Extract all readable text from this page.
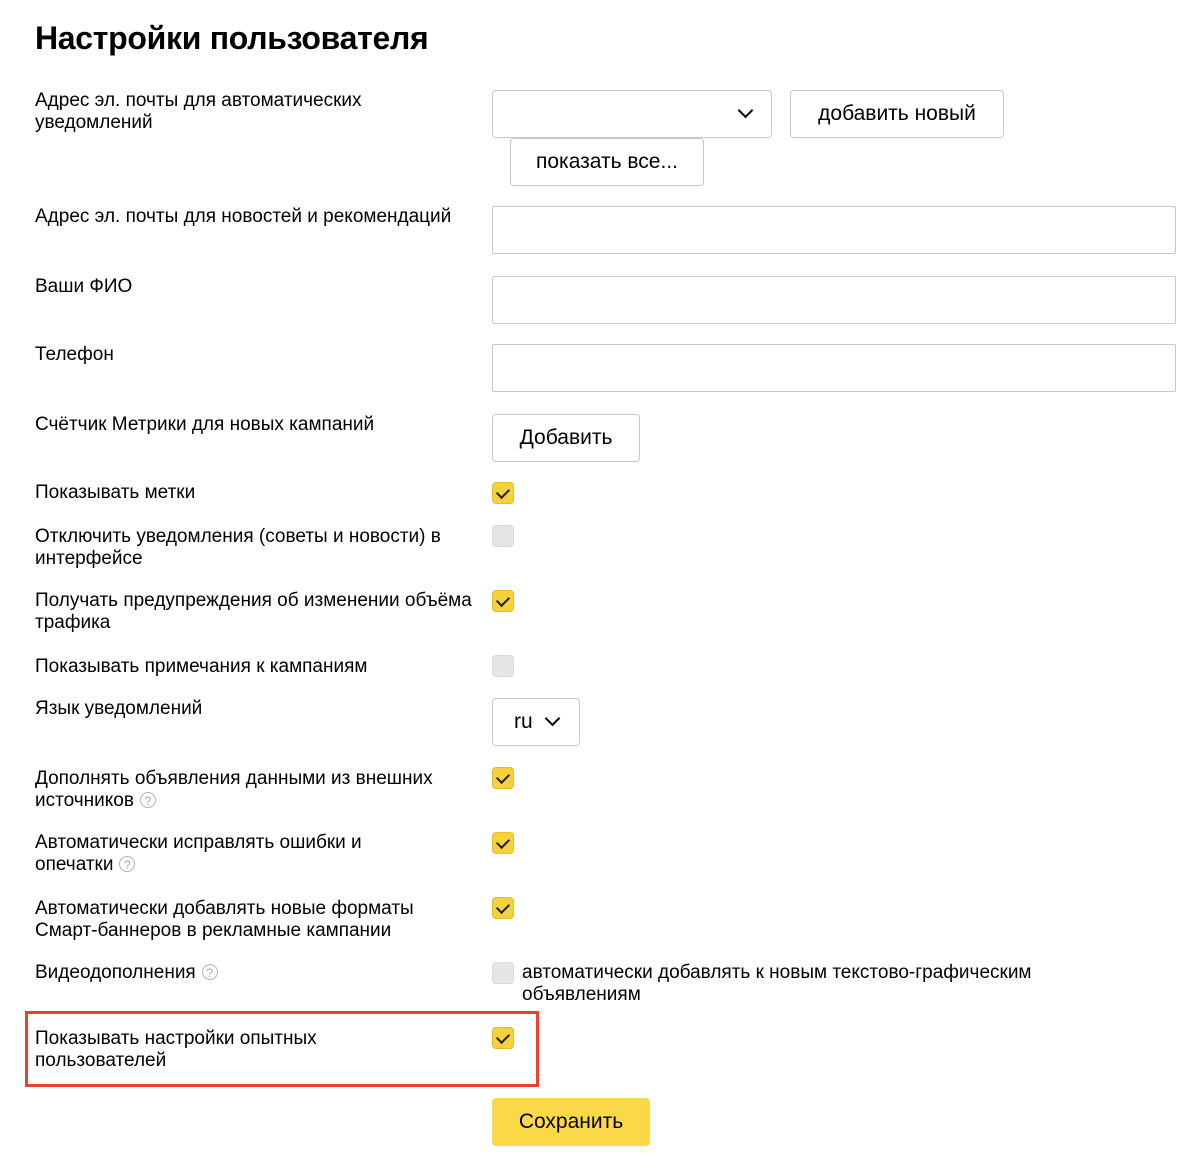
Настройки пользователя
Адрес эл. почты для автоматических уведомлений	добавить новый
показать все...
Адрес эл. почты для новостей и рекомендаций
Ваши ФИО
Телефон
Счётчик Метрики для новых кампаний
Добавить
Показывать метки
Отключить уведомления (советы и новости) в интерфейсе
Получать предупреждения об изменении объёма трафика
Показывать примечания к кампаниям
Язык уведомлений
ru
Дополнять объявления данными из внешних источников ?
Автоматически исправлять ошибки и опечатки ?
Автоматически добавлять новые форматы Смарт-баннеров в рекламные кампании
Видеодополнения ?	автоматически добавлять к новым текстово-графическим объявлениям
Показывать настройки опытных пользователей
Сохранить
